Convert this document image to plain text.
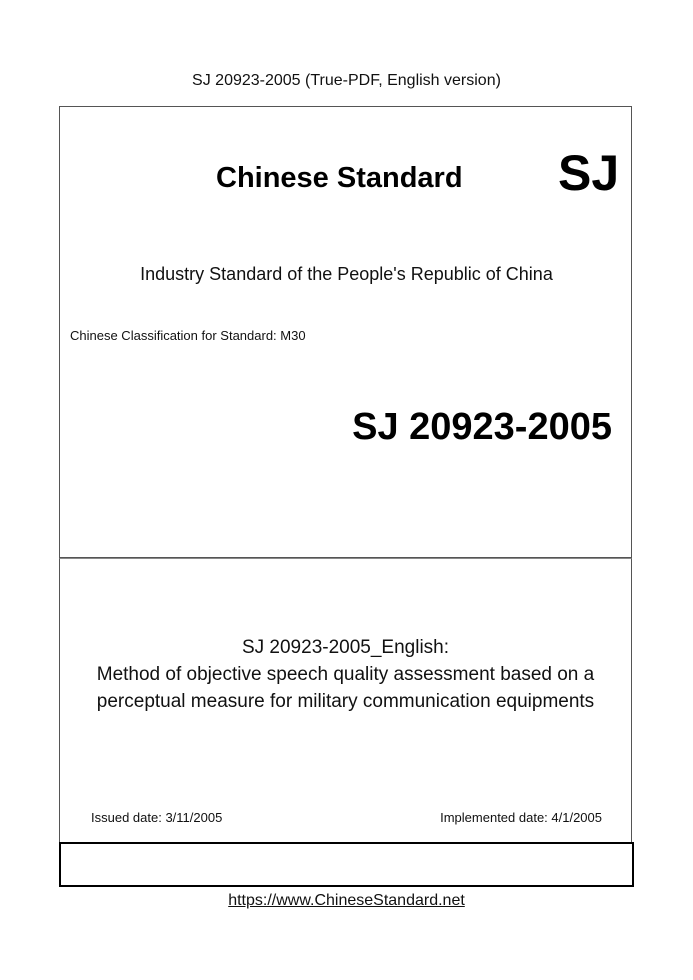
SJ 20923-2005 (True-PDF, English version)
Chinese Standard SJ
Industry Standard of the People's Republic of China
Chinese Classification for Standard: M30
SJ 20923-2005
SJ 20923-2005_English:
Method of objective speech quality assessment based on a
perceptual measure for military communication equipments
Issued date: 3/11/2005	Implemented date: 4/1/2005
https://www.ChineseStandard.net
